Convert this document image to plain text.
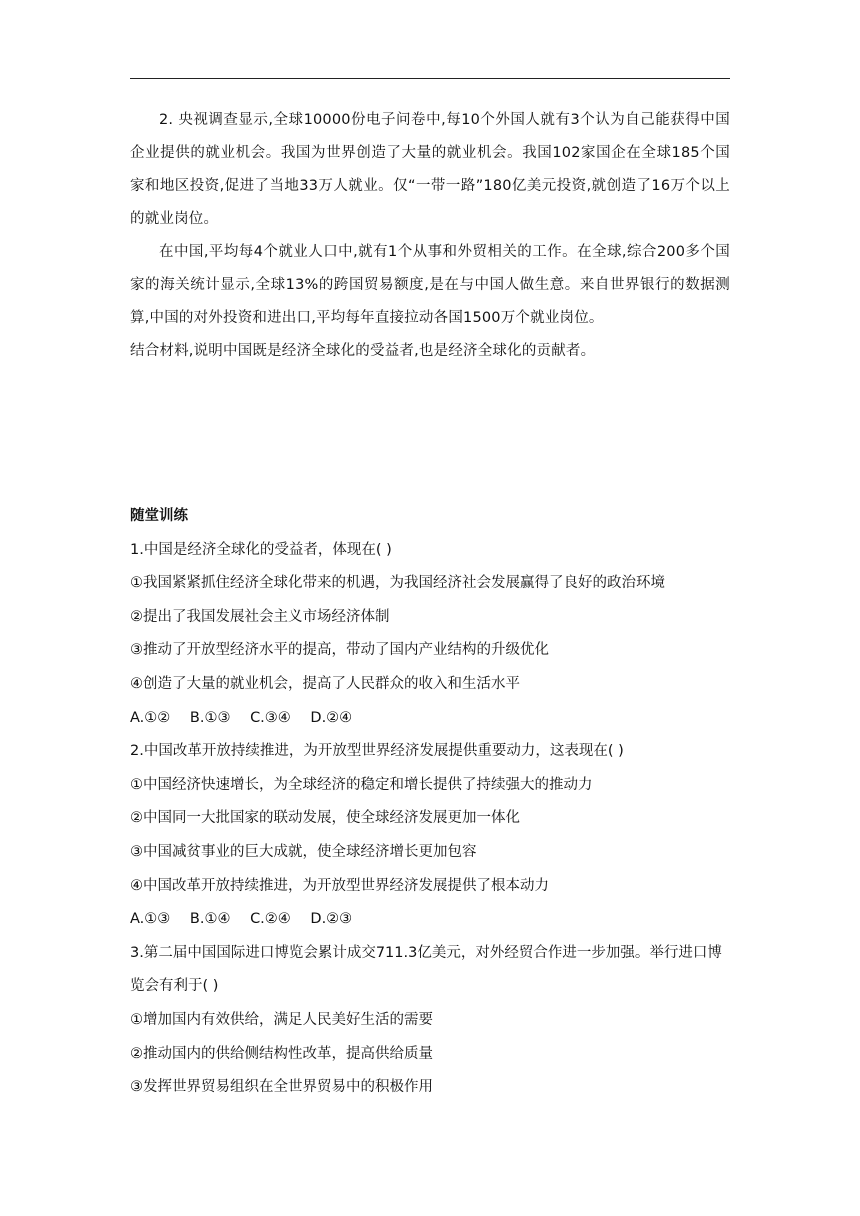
2. 央视调查显示,全球10000份电子问卷中,每10个外国人就有3个认为自己能获得中国企业提供的就业机会。我国为世界创造了大量的就业机会。我国102家国企在全球185个国家和地区投资,促进了当地33万人就业。仅“一带一路”180亿美元投资,就创造了16万个以上的就业岗位。

在中国,平均每4个就业人口中,就有1个从事和外贸相关的工作。在全球,综合200多个国家的海关统计显示,全球13%的跨国贸易额度,是在与中国人做生意。来自世界银行的数据测算,中国的对外投资和进出口,平均每年直接拉动各国1500万个就业岗位。

结合材料,说明中国既是经济全球化的受益者,也是经济全球化的贡献者。

随堂训练
1.中国是经济全球化的受益者，体现在( )
①我国紧紧抓住经济全球化带来的机遇，为我国经济社会发展赢得了良好的政治环境
②提出了我国发展社会主义市场经济体制
③推动了开放型经济水平的提高，带动了国内产业结构的升级优化
④创造了大量的就业机会，提高了人民群众的收入和生活水平
A.①② B.①③ C.③④ D.②④
2.中国改革开放持续推进，为开放型世界经济发展提供重要动力，这表现在( )
①中国经济快速增长，为全球经济的稳定和增长提供了持续强大的推动力
②中国同一大批国家的联动发展，使全球经济发展更加一体化
③中国减贫事业的巨大成就，使全球经济增长更加包容
④中国改革开放持续推进，为开放型世界经济发展提供了根本动力
A.①③ B.①④ C.②④ D.②③
3.第二届中国国际进口博览会累计成交711.3亿美元，对外经贸合作进一步加强。举行进口博览会有利于( )
①增加国内有效供给，满足人民美好生活的需要
②推动国内的供给侧结构性改革，提高供给质量
③发挥世界贸易组织在全世界贸易中的积极作用
